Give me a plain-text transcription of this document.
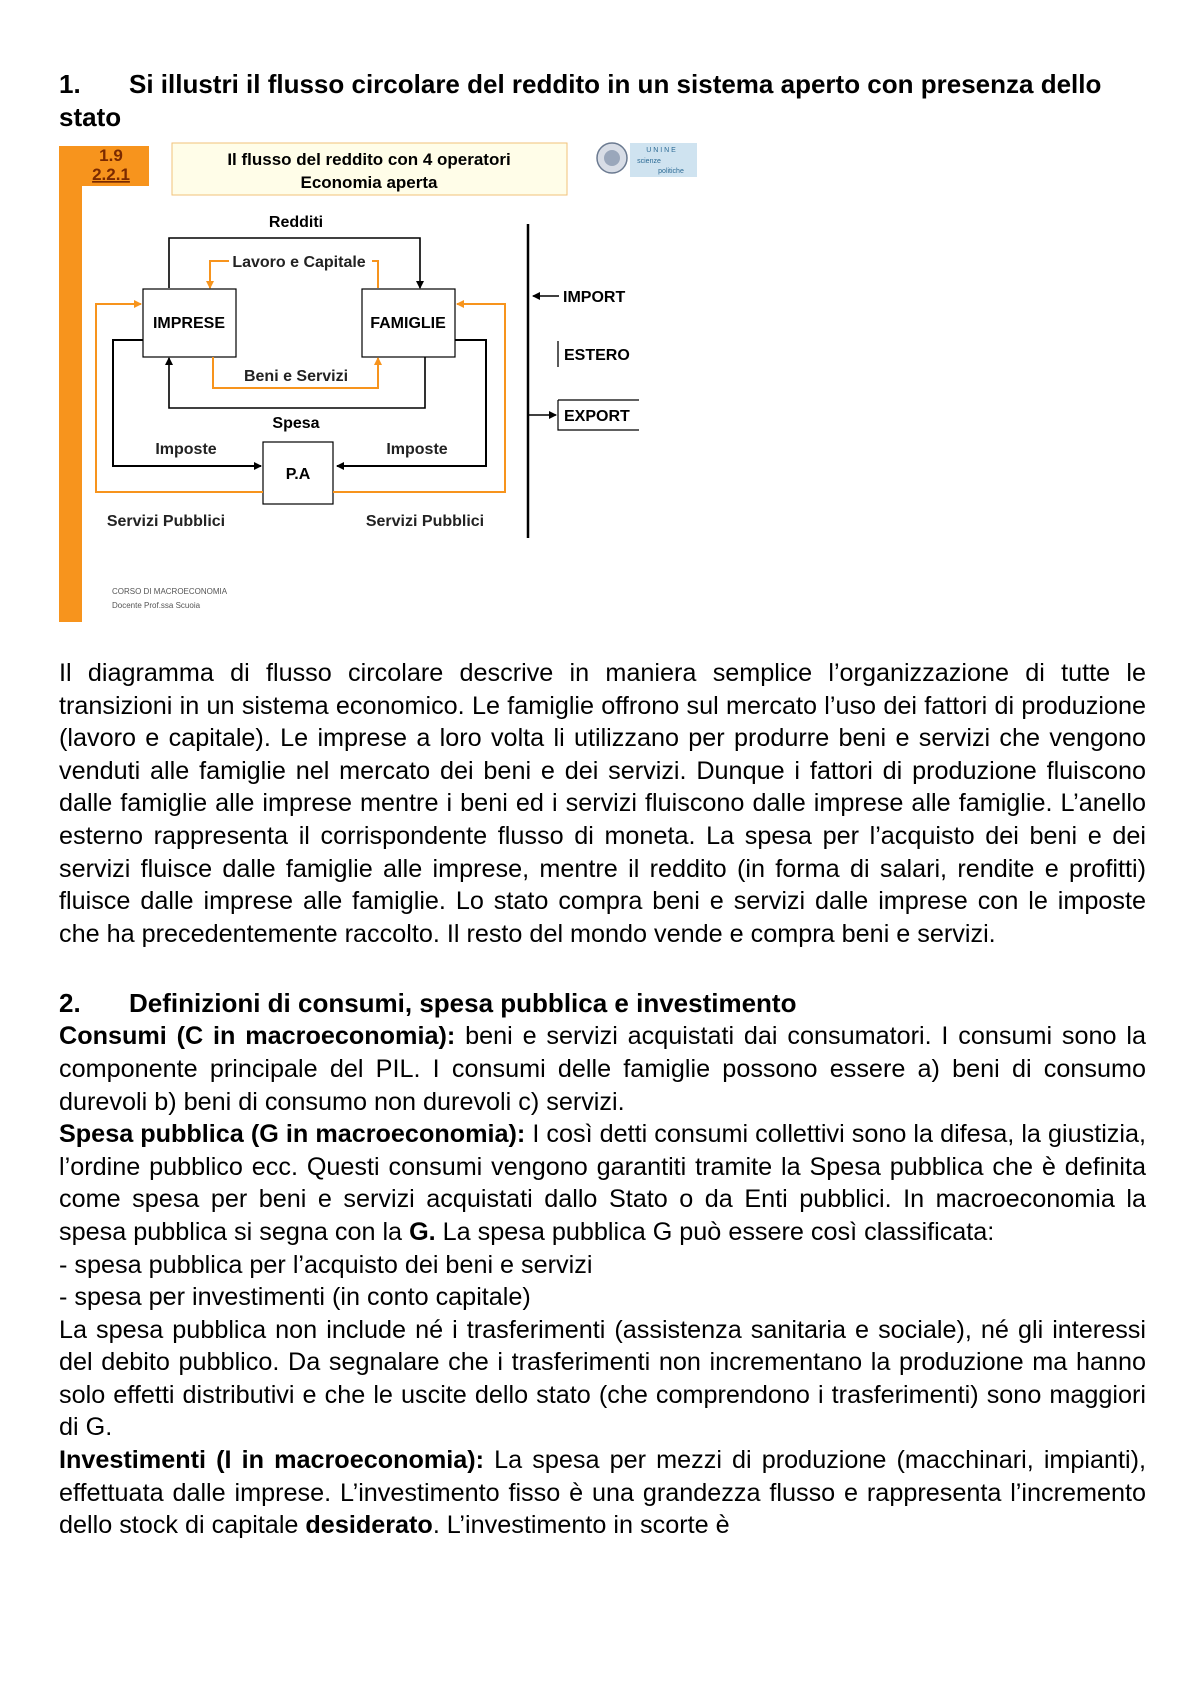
1. Si illustri il flusso circolare del reddito in un sistema aperto con presenza dello stato
1.9
2.2.1
Il flusso del reddito con 4 operatori
Economia aperta
U N I N E
scienze
politiche
Redditi
Lavoro e Capitale
IMPRESE	FAMIGLIE
Beni e Servizi
Spesa
Imposte	Imposte
P.A
Servizi Pubblici	Servizi Pubblici
IMPORT
ESTERO
EXPORT
CORSO DI MACROECONOMIA
Docente Prof.ssa Scuoia

Il diagramma di flusso circolare descrive in maniera semplice l’organizzazione di tutte le transizioni in un sistema economico. Le famiglie offrono sul mercato l’uso dei fattori di produzione (lavoro e capitale). Le imprese a loro volta li utilizzano per produrre beni e servizi che vengono venduti alle famiglie nel mercato dei beni e dei servizi. Dunque i fattori di produzione fluiscono dalle famiglie alle imprese mentre i beni ed i servizi fluiscono dalle imprese alle famiglie. L’anello esterno rappresenta il corrispondente flusso di moneta. La spesa per l’acquisto dei beni e dei servizi fluisce dalle famiglie alle imprese, mentre il reddito (in forma di salari, rendite e profitti) fluisce dalle imprese alle famiglie. Lo stato compra beni e servizi dalle imprese con le imposte che ha precedentemente raccolto. Il resto del mondo vende e compra beni e servizi.

2. Definizioni di consumi, spesa pubblica e investimento

Consumi (C in macroeconomia): beni e servizi acquistati dai consumatori. I consumi sono la componente principale del PIL. I consumi delle famiglie possono essere a) beni di consumo durevoli b) beni di consumo non durevoli c) servizi.

Spesa pubblica (G in macroeconomia): I così detti consumi collettivi sono la difesa, la giustizia, l’ordine pubblico ecc. Questi consumi vengono garantiti tramite la Spesa pubblica che è definita come spesa per beni e servizi acquistati dallo Stato o da Enti pubblici. In macroeconomia la spesa pubblica si segna con la G. La spesa pubblica G può essere così classificata:

- spesa pubblica per l’acquisto dei beni e servizi
- spesa per investimenti (in conto capitale)

La spesa pubblica non include né i trasferimenti (assistenza sanitaria e sociale), né gli interessi del debito pubblico. Da segnalare che i trasferimenti non incrementano la produzione ma hanno solo effetti distributivi e che le uscite dello stato (che comprendono i trasferimenti) sono maggiori di G.

Investimenti (I in macroeconomia): La spesa per mezzi di produzione (macchinari, impianti), effettuata dalle imprese. L’investimento fisso è una grandezza flusso e rappresenta l’incremento dello stock di capitale desiderato. L’investimento in scorte è
